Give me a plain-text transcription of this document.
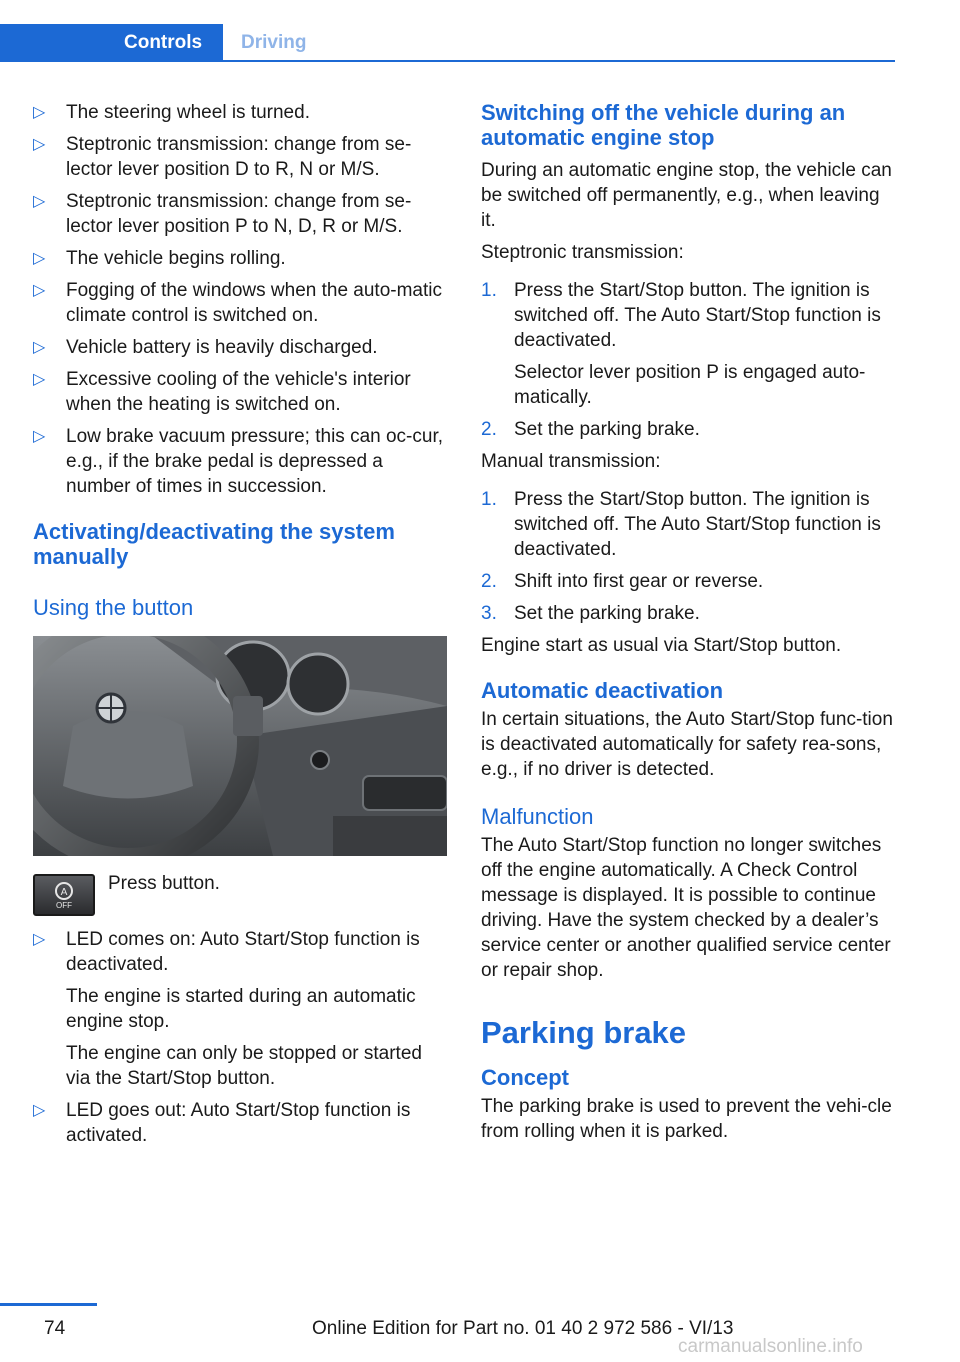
Controls Driving
▷ The steering wheel is turned.

▷ Steptronic transmission: change from se‐lector lever position D to R, N or M/S.

▷ Steptronic transmission: change from se‐lector lever position P to N, D, R or M/S.

▷ The vehicle begins rolling.

▷ Fogging of the windows when the auto‐matic climate control is switched on.

▷ Vehicle battery is heavily discharged.

▷ Excessive cooling of the vehicle's interior when the heating is switched on.

▷ Low brake vacuum pressure; this can oc‐cur, e.g., if the brake pedal is depressed a number of times in succession.

Activating/deactivating the system manually
Using the button
A
OFF
Press button.
▷ LED comes on: Auto Start/Stop function is deactivated.

The engine is started during an automatic engine stop.

The engine can only be stopped or started via the Start/Stop button.

▷ LED goes out: Auto Start/Stop function is activated.

Switching off the vehicle during an automatic engine stop

During an automatic engine stop, the vehicle can be switched off permanently, e.g., when leaving it.

Steptronic transmission:

1. Press the Start/Stop button. The ignition is switched off. The Auto Start/Stop function is deactivated.

Selector lever position P is engaged auto‐matically.

2. Set the parking brake.

Manual transmission:

1. Press the Start/Stop button. The ignition is switched off. The Auto Start/Stop function is deactivated.

2. Shift into first gear or reverse.

3. Set the parking brake.

Engine start as usual via Start/Stop button.

Automatic deactivation

In certain situations, the Auto Start/Stop func‐tion is deactivated automatically for safety rea‐sons, e.g., if no driver is detected.

Malfunction

The Auto Start/Stop function no longer switches off the engine automatically. A Check Control message is displayed. It is possible to continue driving. Have the system checked by a dealer’s service center or another qualified service center or repair shop.

Parking brake
Concept

The parking brake is used to prevent the vehi‐cle from rolling when it is parked.

74	Online Edition for Part no. 01 40 2 972 586 - VI/13
carmanualsonline.info
